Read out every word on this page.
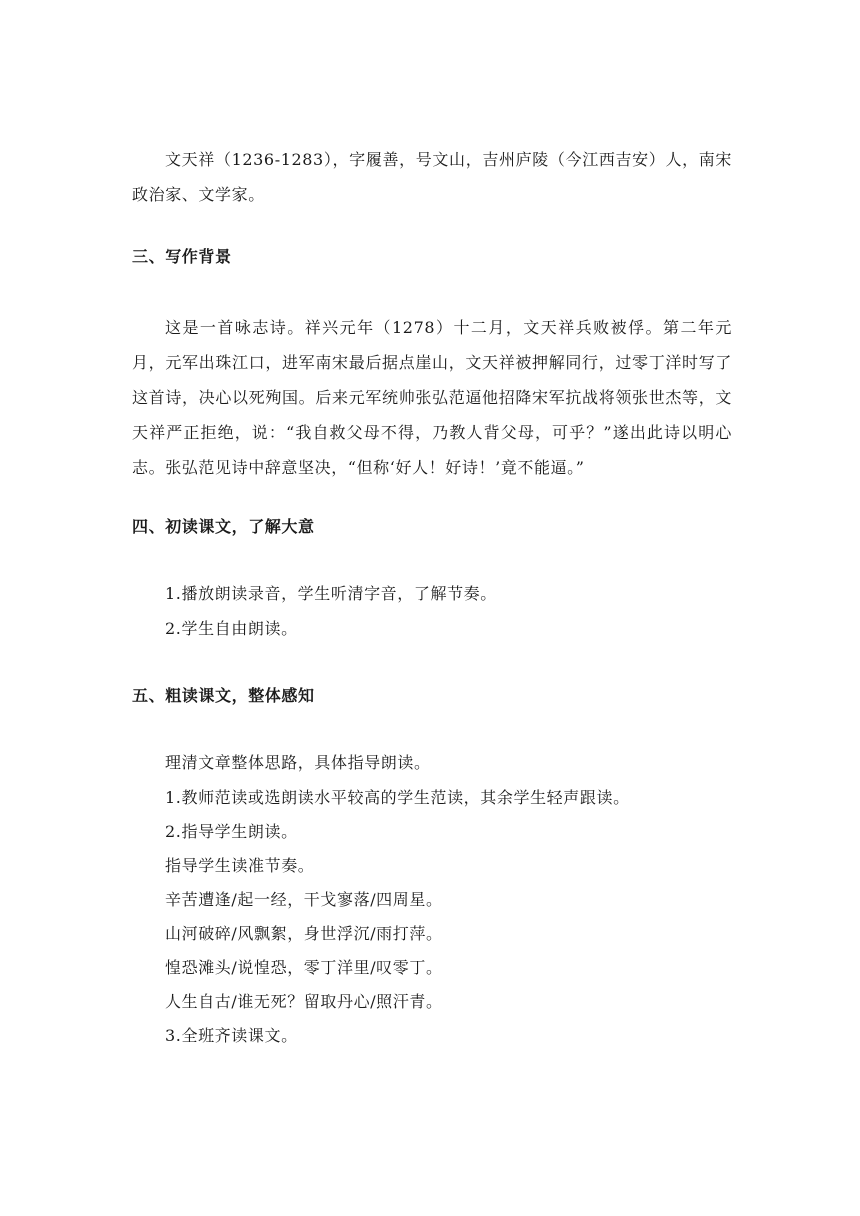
文天祥（1236-1283），字履善，号文山，吉州庐陵（今江西吉安）人，南宋政治家、文学家。

三、写作背景

这是一首咏志诗。祥兴元年（1278）十二月，文天祥兵败被俘。第二年元月，元军出珠江口，进军南宋最后据点崖山，文天祥被押解同行，过零丁洋时写了这首诗，决心以死殉国。后来元军统帅张弘范逼他招降宋军抗战将领张世杰等，文天祥严正拒绝，说：“我自救父母不得，乃教人背父母，可乎？”遂出此诗以明心志。张弘范见诗中辞意坚决，“但称‘好人！好诗！’竟不能逼。”

四、初读课文，了解大意

1.播放朗读录音，学生听清字音，了解节奏。

2.学生自由朗读。

五、粗读课文，整体感知

理清文章整体思路，具体指导朗读。

1.教师范读或选朗读水平较高的学生范读，其余学生轻声跟读。

2.指导学生朗读。

指导学生读准节奏。

辛苦遭逢/起一经，干戈寥落/四周星。

山河破碎/风飘絮，身世浮沉/雨打萍。

惶恐滩头/说惶恐，零丁洋里/叹零丁。

人生自古/谁无死？留取丹心/照汗青。

3.全班齐读课文。
